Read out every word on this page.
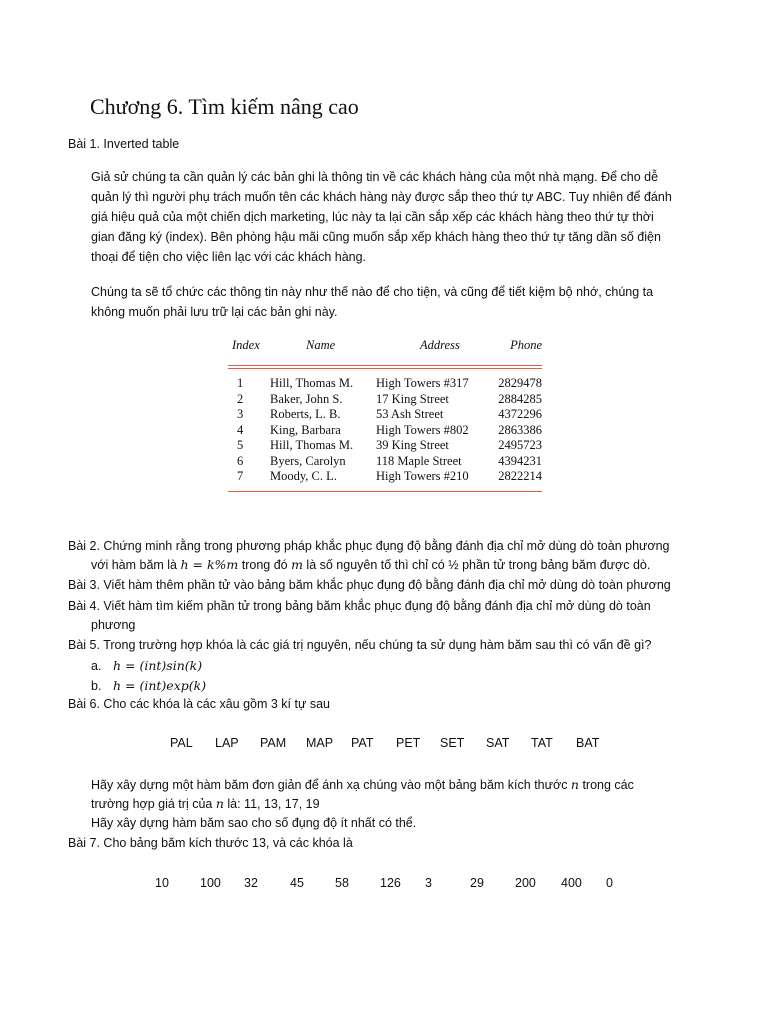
Chương 6. Tìm kiếm nâng cao
Bài 1. Inverted table
Giả sử chúng ta cần quản lý các bản ghi là thông tin về các khách hàng của một nhà mạng. Để cho dễ
quản lý thì người phụ trách muốn tên các khách hàng này được sắp theo thứ tự ABC. Tuy nhiên để đánh
giá hiệu quả của một chiến dịch marketing, lúc này ta lại cần sắp xếp các khách hàng theo thứ tự thời
gian đăng ký (index). Bên phòng hậu mãi cũng muốn sắp xếp khách hàng theo thứ tự tăng dần số điện
thoại để tiện cho việc liên lạc với các khách hàng.
Chúng ta sẽ tổ chức các thông tin này như thế nào để cho tiện, và cũng để tiết kiệm bộ nhớ, chúng ta
không muốn phải lưu trữ lại các bản ghi này.
Index	Name	Address	Phone
1	Hill, Thomas M.	High Towers #317	2829478
2	Baker, John S.	17 King Street	2884285
3	Roberts, L. B.	53 Ash Street	4372296
4	King, Barbara	High Towers #802	2863386
5	Hill, Thomas M.	39 King Street	2495723
6	Byers, Carolyn	118 Maple Street	4394231
7	Moody, C. L.	High Towers #210	2822214
Bài 2. Chứng minh rằng trong phương pháp khắc phục đụng độ bằng đánh địa chỉ mở dùng dò toàn phương
với hàm băm là h = k%m trong đó m là số nguyên tố thì chỉ có ½ phần tử trong bảng băm được dò.
Bài 3. Viết hàm thêm phần tử vào bảng băm khắc phục đụng độ bằng đánh địa chỉ mở dùng dò toàn phương
Bài 4. Viết hàm tìm kiếm phần tử trong bảng băm khắc phục đụng độ bằng đánh địa chỉ mở dùng dò toàn
phương
Bài 5. Trong trường hợp khóa là các giá trị nguyên, nếu chúng ta sử dụng hàm băm sau thì có vấn đề gì?
a. h = (int)sin(k)
b. h = (int)exp(k)
Bài 6. Cho các khóa là các xâu gồm 3 kí tự sau
PAL LAP PAM MAP PAT PET SET SAT TAT BAT
Hãy xây dựng một hàm băm đơn giản để ánh xạ chúng vào một bảng băm kích thước n trong các
trường hợp giá trị của n là: 11, 13, 17, 19
Hãy xây dựng hàm băm sao cho số đụng độ ít nhất có thể.
Bài 7. Cho bảng băm kích thước 13, và các khóa là
10 100 32	45 58 126 3	29 200 400 0
